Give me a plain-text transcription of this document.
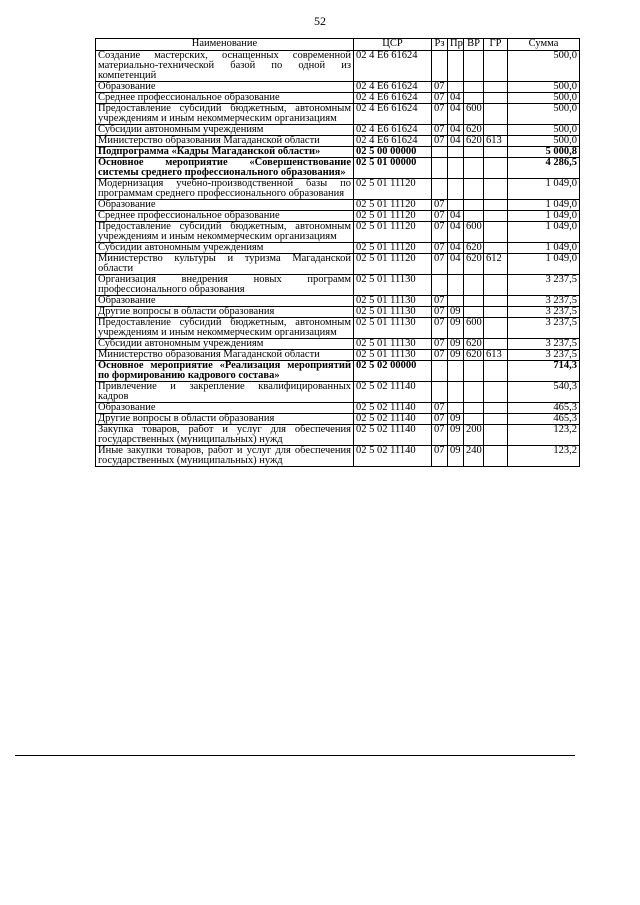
52
Наименование	ЦСР	Рз	Пр	ВР	ГР	Сумма
Создание мастерских, оснащенных современной материально-технической базой по одной из компетенций	02 4 E6 61624					500,0
Образование	02 4 E6 61624	07				500,0
Среднее профессиональное образование	02 4 E6 61624	07	04			500,0
Предоставление субсидий бюджетным, автономным учреждениям и иным некоммерческим организациям	02 4 E6 61624	07	04	600		500,0
Субсидии автономным учреждениям	02 4 E6 61624	07	04	620		500,0
Министерство образования Магаданской области	02 4 E6 61624	07	04	620	613	500,0
Подпрограмма «Кадры Магаданской области»	02 5 00 00000					5 000,8
Основное мероприятие «Совершенствование системы среднего профессионального образования»	02 5 01 00000					4 286,5
Модернизация учебно-производственной базы по программам среднего профессионального образования	02 5 01 11120					1 049,0
Образование	02 5 01 11120	07				1 049,0
Среднее профессиональное образование	02 5 01 11120	07	04			1 049,0
Предоставление субсидий бюджетным, автономным учреждениям и иным некоммерческим организациям	02 5 01 11120	07	04	600		1 049,0
Субсидии автономным учреждениям	02 5 01 11120	07	04	620		1 049,0
Министерство культуры и туризма Магаданской области	02 5 01 11120	07	04	620	612	1 049,0
Организация внедрения новых программ профессионального образования	02 5 01 11130					3 237,5
Образование	02 5 01 11130	07				3 237,5
Другие вопросы в области образования	02 5 01 11130	07	09			3 237,5
Предоставление субсидий бюджетным, автономным учреждениям и иным некоммерческим организациям	02 5 01 11130	07	09	600		3 237,5
Субсидии автономным учреждениям	02 5 01 11130	07	09	620		3 237,5
Министерство образования Магаданской области	02 5 01 11130	07	09	620	613	3 237,5
Основное мероприятие «Реализация мероприятий по формированию кадрового состава»	02 5 02 00000					714,3
Привлечение и закрепление квалифицированных кадров	02 5 02 11140					540,3
Образование	02 5 02 11140	07				465,3
Другие вопросы в области образования	02 5 02 11140	07	09			465,3
Закупка товаров, работ и услуг для обеспечения государственных (муниципальных) нужд	02 5 02 11140	07	09	200		123,2
Иные закупки товаров, работ и услуг для обеспечения государственных (муниципальных) нужд	02 5 02 11140	07	09	240		123,2
